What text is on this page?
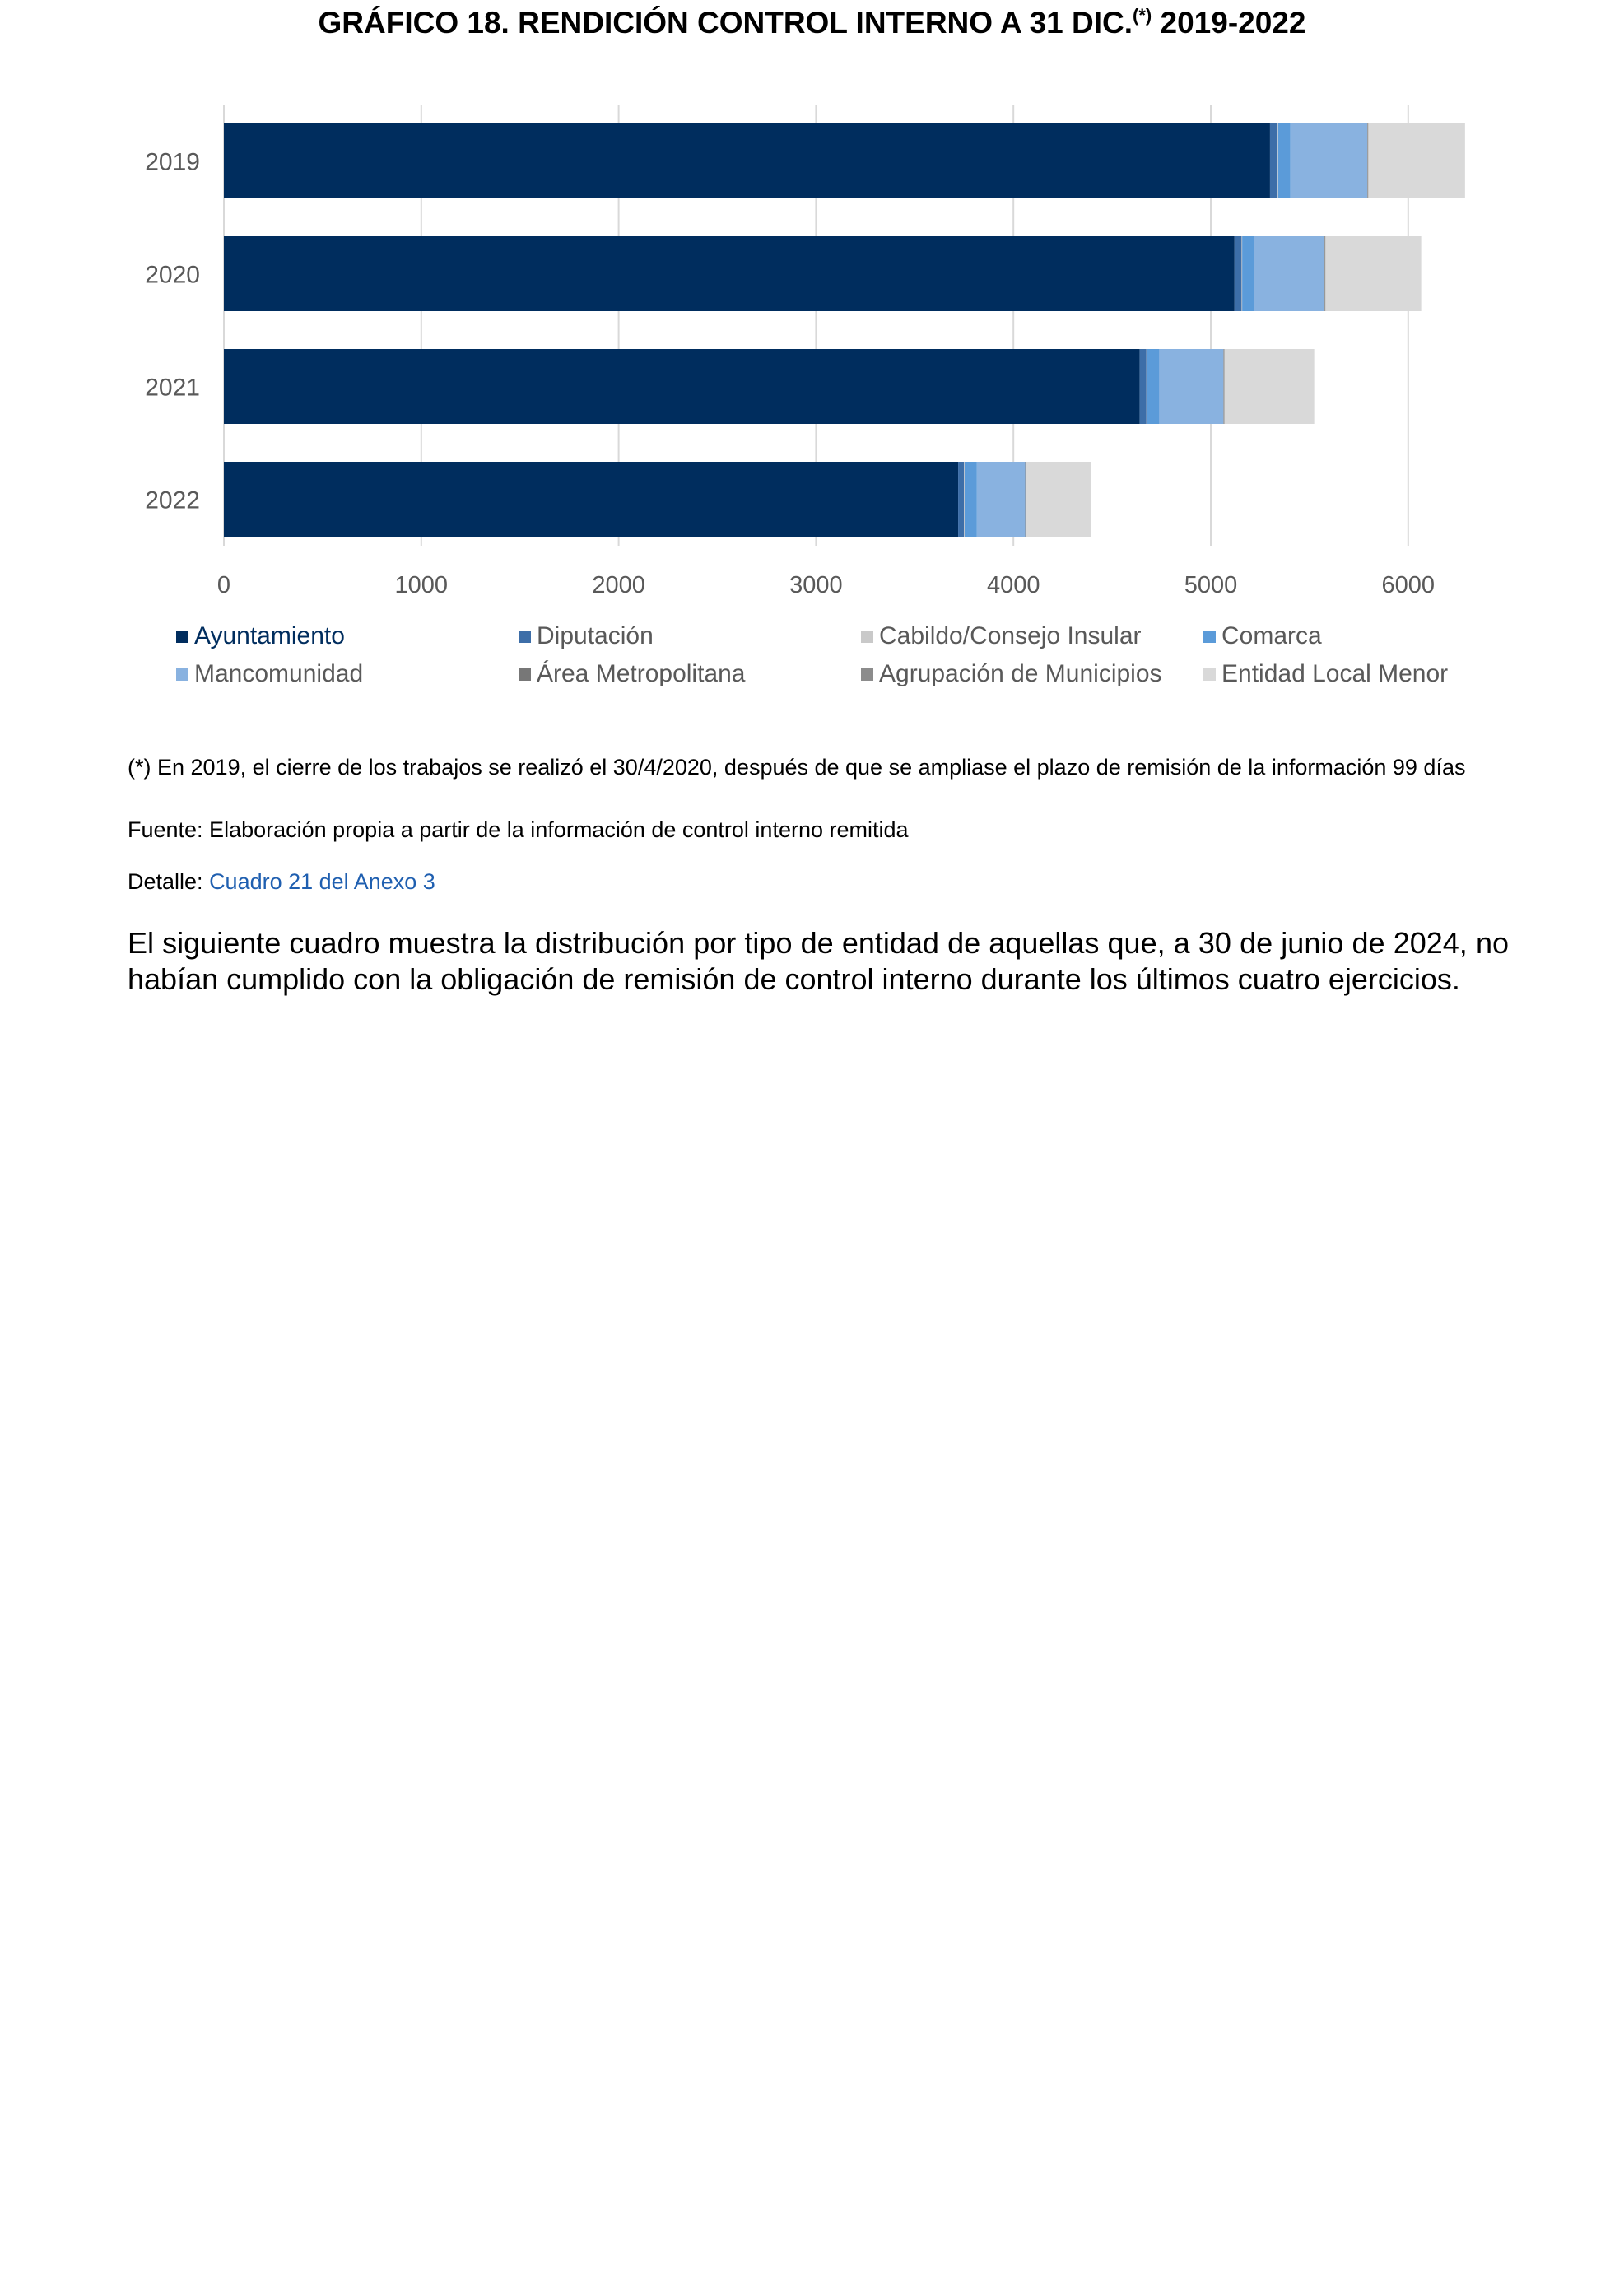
GRÁFICO 18. RENDICIÓN CONTROL INTERNO A 31 DIC.(*) 2019-2022
2019
2020
2021
2022
0	1000	2000	3000	4000	5000	6000
Ayuntamiento	Diputación	Cabildo/Consejo Insular	Comarca
Mancomunidad	Área Metropolitana	Agrupación de Municipios Entidad Local Menor
(*) En 2019, el cierre de los trabajos se realizó el 30/4/2020, después de que se ampliase el plazo de remisión de la información 99 días
Fuente: Elaboración propia a partir de la información de control interno remitida
Detalle: Cuadro 21 del Anexo 3
El siguiente cuadro muestra la distribución por tipo de entidad de aquellas que, a 30 de junio de 2024, no habían cumplido con la obligación de remisión de control interno durante los últimos cuatro ejercicios.
